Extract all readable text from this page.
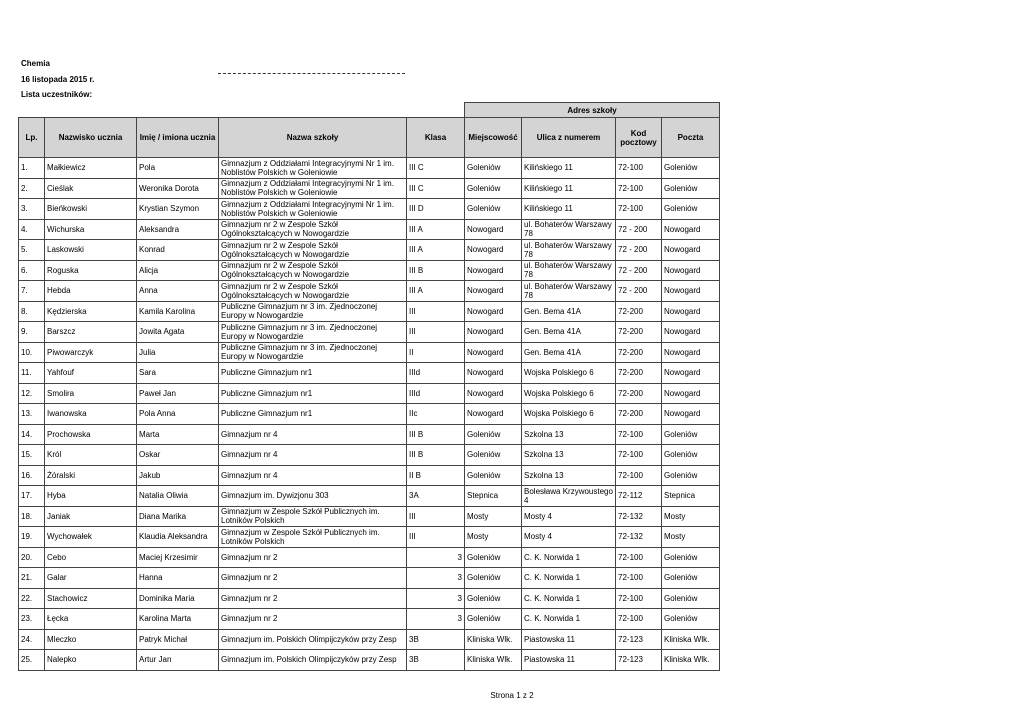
Chemia
16 listopada 2015 r.
Lista uczestników:
					Adres szkoły			
Lp.	Nazwisko ucznia	Imię / imiona ucznia	Nazwa szkoły	Klasa	Miejscowość	Ulica z numerem	Kod pocztowy	Poczta
1.	Małkiewicz	Pola	Gimnazjum z Oddziałami Integracyjnymi Nr 1 im. Noblistów Polskich w Goleniowie	III C	Goleniów	Kilińskiego 11	72-100	Goleniów
2.	Cieślak	Weronika Dorota	Gimnazjum z Oddziałami Integracyjnymi Nr 1 im. Noblistów Polskich w Goleniowie	III C	Goleniów	Kilińskiego 11	72-100	Goleniów
3.	Bieńkowski	Krystian Szymon	Gimnazjum z Oddziałami Integracyjnymi Nr 1 im. Noblistów Polskich w Goleniowie	III D	Goleniów	Kilińskiego 11	72-100	Goleniów
4.	Wichurska	Aleksandra	Gimnazjum nr 2 w Zespole Szkół Ogólnokształcących w Nowogardzie	III A	Nowogard	ul. Bohaterów Warszawy 78	72 - 200	Nowogard
5.	Laskowski	Konrad	Gimnazjum nr 2 w Zespole Szkół Ogólnokształcących w Nowogardzie	III A	Nowogard	ul. Bohaterów Warszawy 78	72 - 200	Nowogard
6.	Roguska	Alicja	Gimnazjum nr 2 w Zespole Szkół Ogólnokształcących w Nowogardzie	III B	Nowogard	ul. Bohaterów Warszawy 78	72 - 200	Nowogard
7.	Hebda	Anna	Gimnazjum nr 2 w Zespole Szkół Ogólnokształcących w Nowogardzie	III A	Nowogard	ul. Bohaterów Warszawy 78	72 - 200	Nowogard
8.	Kędzierska	Kamila Karolina	Publiczne Gimnazjum nr 3 im. Zjednoczonej Europy w Nowogardzie	III	Nowogard	Gen. Bema 41A	72-200	Nowogard
9.	Barszcz	Jowita Agata	Publiczne Gimnazjum nr 3 im. Zjednoczonej Europy w Nowogardzie	III	Nowogard	Gen. Bema 41A	72-200	Nowogard
10.	Piwowarczyk	Julia	Publiczne Gimnazjum nr 3 im. Zjednoczonej Europy w Nowogardzie	II	Nowogard	Gen. Bema 41A	72-200	Nowogard
11.	Yahfouf	Sara	Publiczne Gimnazjum nr1	IIId	Nowogard	Wojska Polskiego 6	72-200	Nowogard
12.	Smolira	Paweł Jan	Publiczne Gimnazjum nr1	IIId	Nowogard	Wojska Polskiego 6	72-200	Nowogard
13.	Iwanowska	Pola Anna	Publiczne Gimnazjum nr1	IIc	Nowogard	Wojska Polskiego 6	72-200	Nowogard
14.	Prochowska	Marta	Gimnazjum nr 4	III B	Goleniów	Szkolna 13	72-100	Goleniów
15.	Król	Oskar	Gimnazjum nr 4	III B	Goleniów	Szkolna 13	72-100	Goleniów
16.	Żóralski	Jakub	Gimnazjum nr 4	II B	Goleniów	Szkolna 13	72-100	Goleniów
17.	Hyba	Natalia Oliwia	Gimnazjum im. Dywizjonu 303	3A	Stepnica	Bolesława Krzywoustego 4	72-112	Stepnica
18.	Janiak	Diana Marika	Gimnazjum w Zespole Szkół Publicznych im. Lotników Polskich	III	Mosty	Mosty 4	72-132	Mosty
19.	Wychowałek	Klaudia Aleksandra	Gimnazjum w Zespole Szkół Publicznych im. Lotników Polskich	III	Mosty	Mosty 4	72-132	Mosty
20.	Cebo	Maciej Krzesimir	Gimnazjum nr 2	3	Goleniów	C. K. Norwida 1	72-100	Goleniów
21.	Galar	Hanna	Gimnazjum nr 2	3	Goleniów	C. K. Norwida 1	72-100	Goleniów
22.	Stachowicz	Dominika Maria	Gimnazjum nr 2	3	Goleniów	C. K. Norwida 1	72-100	Goleniów
23.	Łęcka	Karolina Marta	Gimnazjum nr 2	3	Goleniów	C. K. Norwida 1	72-100	Goleniów
24.	Mleczko	Patryk Michał	Gimnazjum im. Polskich Olimpijczyków przy Zesp	3B	Kliniska Wlk.	Piastowska 11	72-123	Kliniska Wlk.
25.	Nalepko	Artur Jan	Gimnazjum im. Polskich Olimpijczyków przy Zesp	3B	Kliniska Wlk.	Piastowska 11	72-123	Kliniska Wlk.
Strona 1 z 2
